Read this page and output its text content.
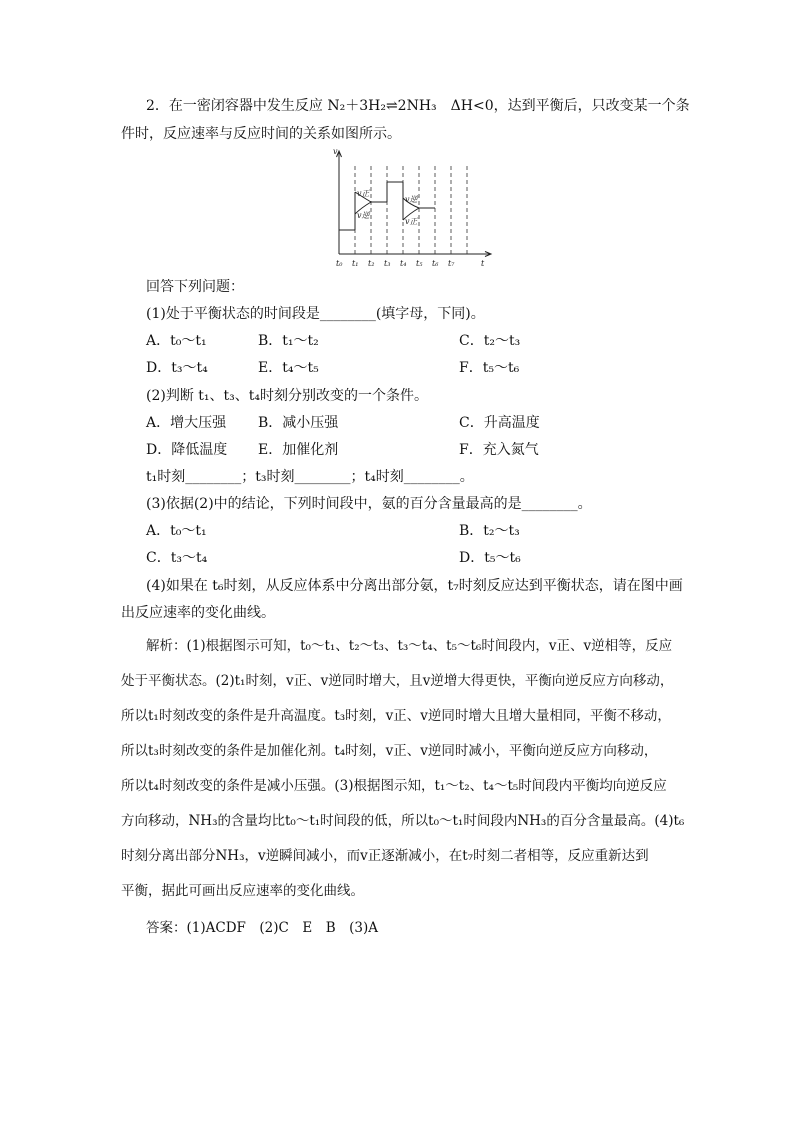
2．在一密闭容器中发生反应 N₂＋3H₂⇌2NH₃　ΔH<0，达到平衡后，只改变某一个条
件时，反应速率与反应时间的关系如图所示。
v
t
v正
v逆
v逆
v正
t₀ t₁ t₂ t₃ t₄ t₅ t₆ t₇
回答下列问题：
(1)处于平衡状态的时间段是________(填字母，下同)。
A．t₀～t₁	B．t₁～t₂	C．t₂～t₃
D．t₃～t₄	E．t₄～t₅	F．t₅～t₆
(2)判断 t₁、t₃、t₄时刻分别改变的一个条件。
A．增大压强 B．减小压强	C．升高温度
D．降低温度 E．加催化剂	F．充入氮气
t₁时刻________；t₃时刻________；t₄时刻________。
(3)依据(2)中的结论，下列时间段中，氨的百分含量最高的是________。
A．t₀～t₁	B．t₂～t₃
C．t₃～t₄	D．t₅～t₆
(4)如果在 t₆时刻，从反应体系中分离出部分氨，t₇时刻反应达到平衡状态，请在图中画
出反应速率的变化曲线。
解析：(1)根据图示可知，t₀～t₁、t₂～t₃、t₃～t₄、t₅～t₆时间段内，v正、v逆相等，反应
处于平衡状态。(2)t₁时刻，v正、v逆同时增大，且v逆增大得更快，平衡向逆反应方向移动，
所以t₁时刻改变的条件是升高温度。t₃时刻，v正、v逆同时增大且增大量相同，平衡不移动，
所以t₃时刻改变的条件是加催化剂。t₄时刻，v正、v逆同时减小，平衡向逆反应方向移动，
所以t₄时刻改变的条件是减小压强。(3)根据图示知，t₁～t₂、t₄～t₅时间段内平衡均向逆反应
方向移动，NH₃的含量均比t₀～t₁时间段的低，所以t₀～t₁时间段内NH₃的百分含量最高。(4)t₆
时刻分离出部分NH₃，v逆瞬间减小，而v正逐渐减小，在t₇时刻二者相等，反应重新达到
平衡，据此可画出反应速率的变化曲线。
答案：(1)ACDF　(2)C　E　B　(3)A
